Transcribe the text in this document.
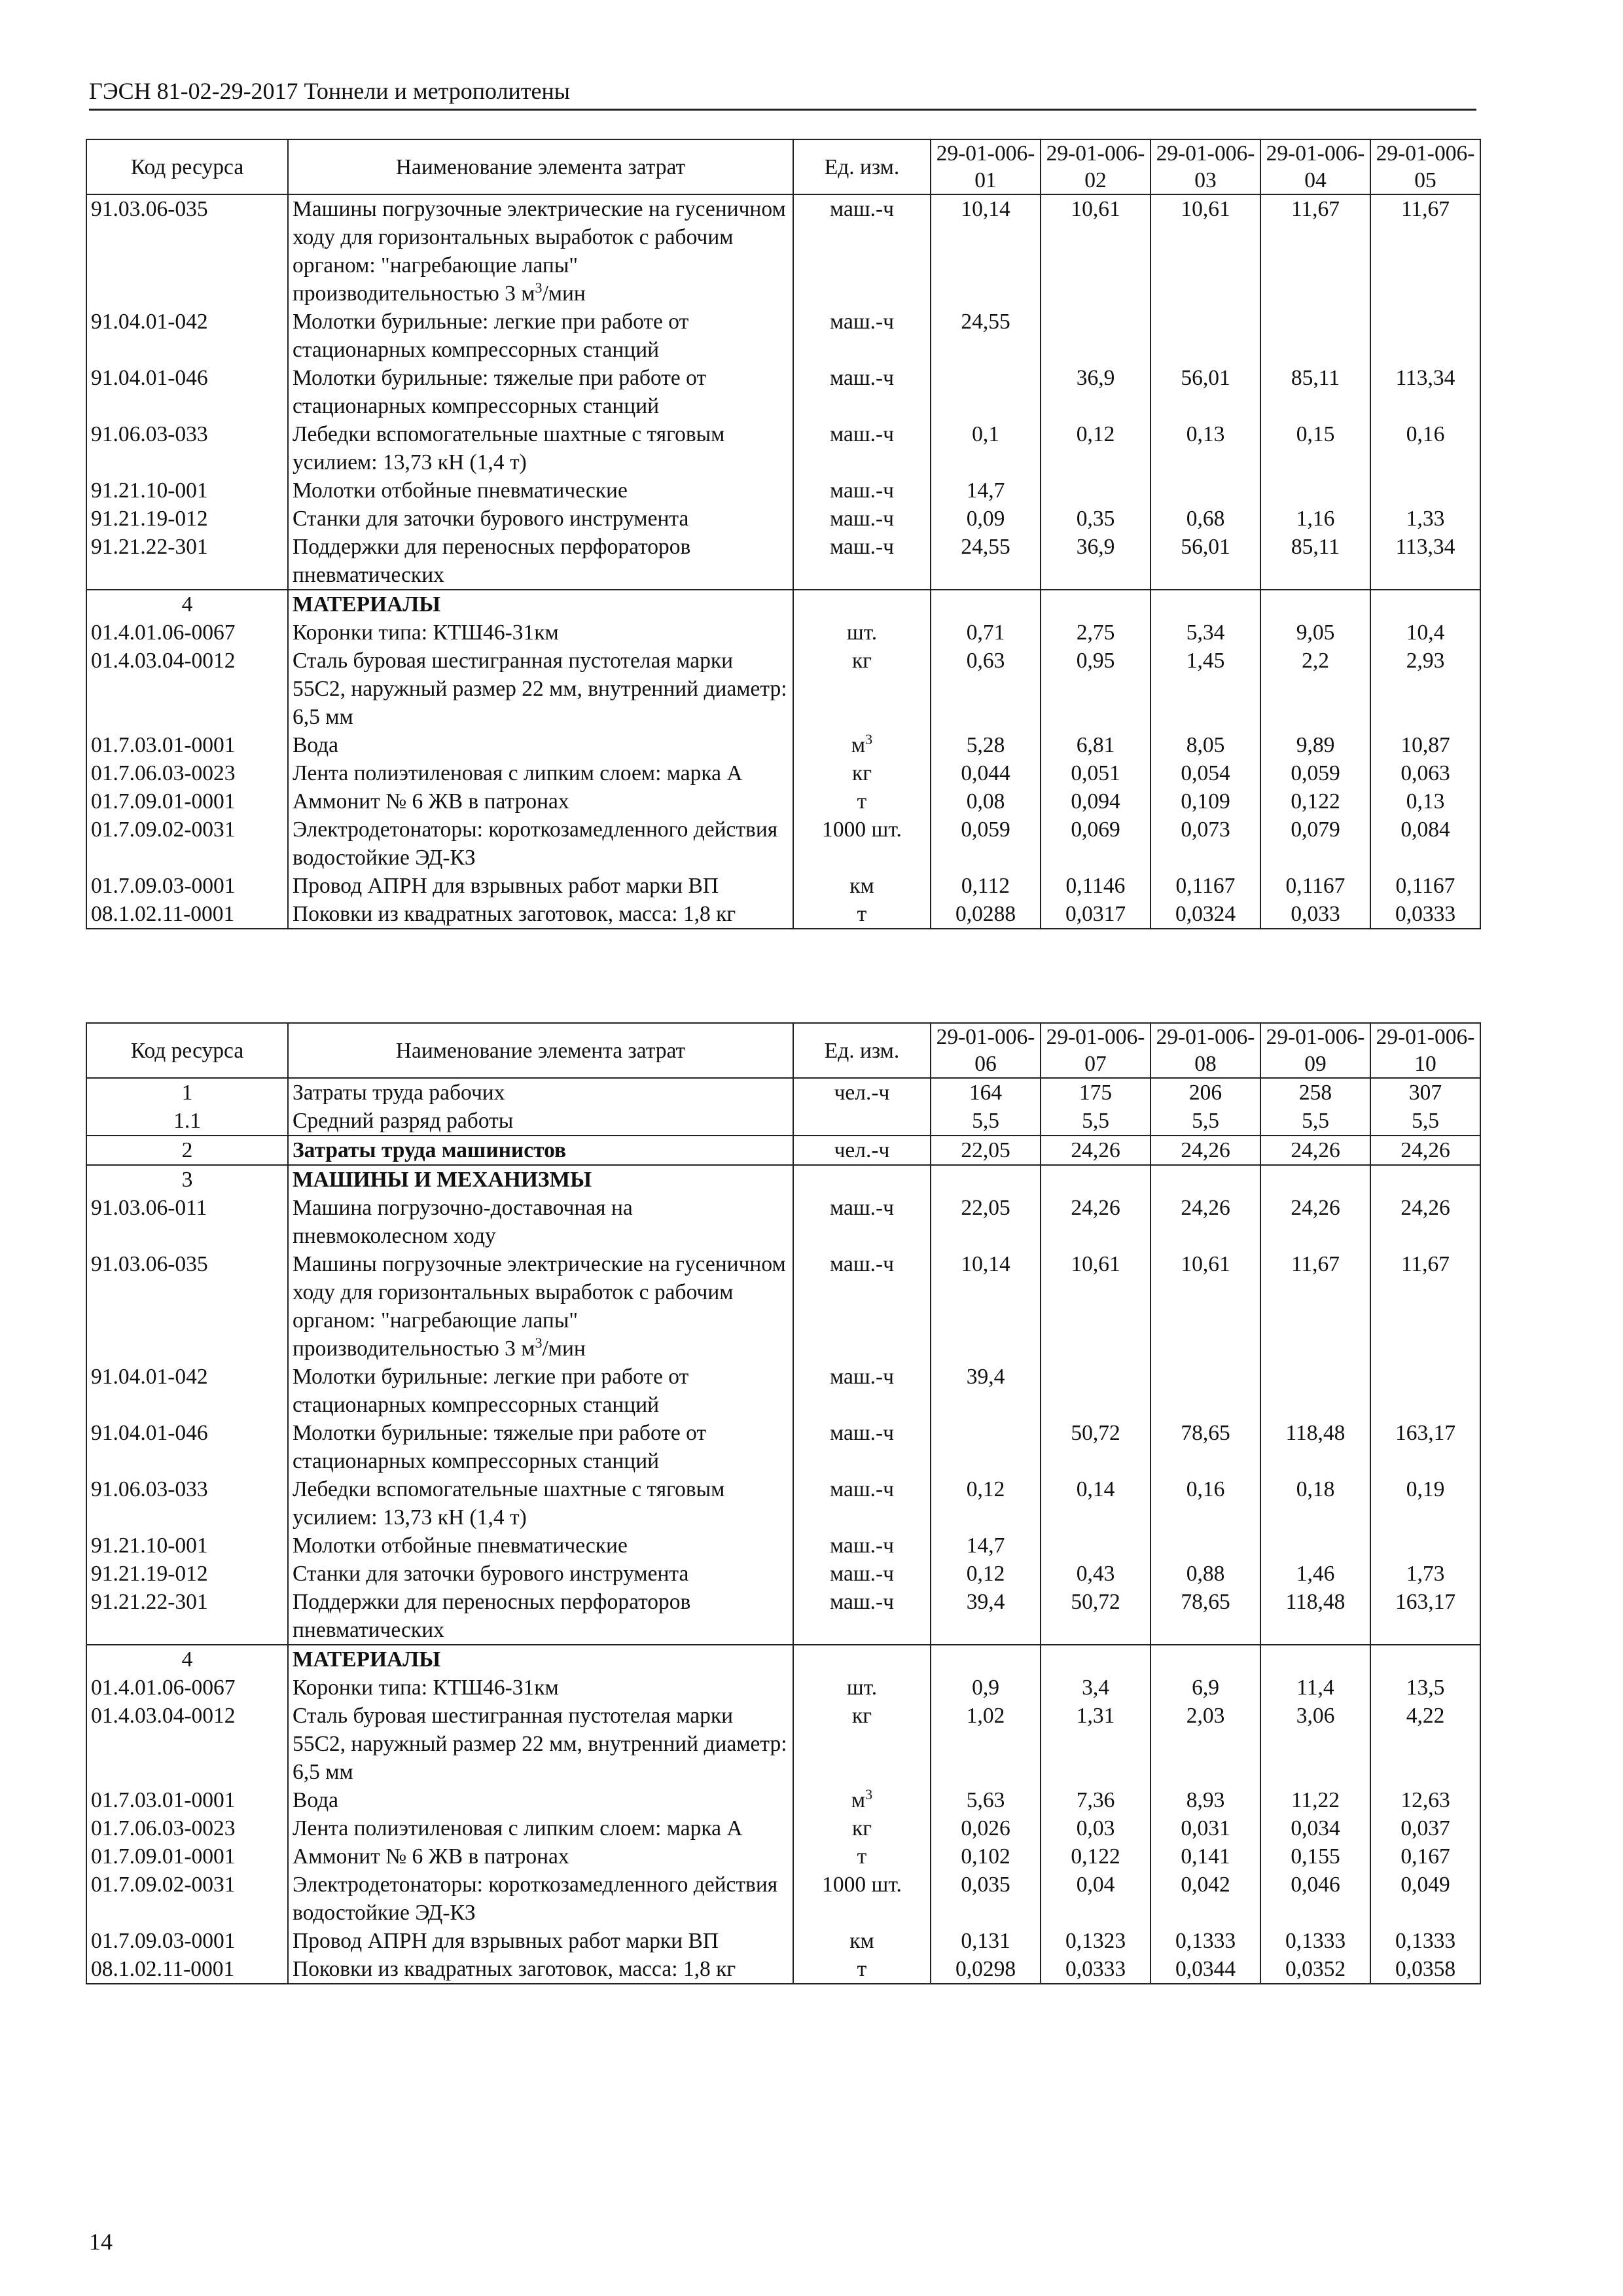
ГЭСН 81-02-29-2017 Тоннели и метрополитены
Код ресурса	Наименование элемента затрат	Ед. изм.	29-01-006-01	29-01-006-02	29-01-006-03	29-01-006-04	29-01-006-05
91.03.06-035	Машины погрузочные электрические на гусеничном ходу для горизонтальных выработок с рабочим органом: "нагребающие лапы" производительностью 3 $м^3$/мин	маш.-ч	10,14	10,61	10,61	11,67	11,67
91.04.01-042	Молотки бурильные: легкие при работе от стационарных компрессорных станций	маш.-ч	24,55				
91.04.01-046	Молотки бурильные: тяжелые при работе от стационарных компрессорных станций	маш.-ч		36,9	56,01	85,11	113,34
91.06.03-033	Лебедки вспомогательные шахтные с тяговым усилием: 13,73 кН (1,4 т)	маш.-ч	0,1	0,12	0,13	0,15	0,16
91.21.10-001	Молотки отбойные пневматические	маш.-ч	14,7				
91.21.19-012	Станки для заточки бурового инструмента	маш.-ч	0,09	0,35	0,68	1,16	1,33
91.21.22-301	Поддержки для переносных перфораторов пневматических	маш.-ч	24,55	36,9	56,01	85,11	113,34
4	МАТЕРИАЛЫ						
01.4.01.06-0067	Коронки типа: КТШ46-31км	шт.	0,71	2,75	5,34	9,05	10,4
01.4.03.04-0012	Сталь буровая шестигранная пустотелая марки 55С2, наружный размер 22 мм, внутренний диаметр: 6,5 мм	кг	0,63	0,95	1,45	2,2	2,93
01.7.03.01-0001	Вода	$м^3$	5,28	6,81	8,05	9,89	10,87
01.7.06.03-0023	Лента полиэтиленовая с липким слоем: марка А	кг	0,044	0,051	0,054	0,059	0,063
01.7.09.01-0001	Аммонит № 6 ЖВ в патронах	т	0,08	0,094	0,109	0,122	0,13
01.7.09.02-0031	Электродетонаторы: короткозамедленного действия водостойкие ЭД-КЗ	1000 шт.	0,059	0,069	0,073	0,079	0,084
01.7.09.03-0001	Провод АПРН для взрывных работ марки ВП	км	0,112	0,1146	0,1167	0,1167	0,1167
08.1.02.11-0001	Поковки из квадратных заготовок, масса: 1,8 кг	т	0,0288	0,0317	0,0324	0,033	0,0333
Код ресурса	Наименование элемента затрат	Ед. изм.	29-01-006-06	29-01-006-07	29-01-006-08	29-01-006-09	29-01-006-10
1	Затраты труда рабочих	чел.-ч	164	175	206	258	307
1.1	Средний разряд работы		5,5	5,5	5,5	5,5	5,5
2	Затраты труда машинистов	чел.-ч	22,05	24,26	24,26	24,26	24,26
3	МАШИНЫ И МЕХАНИЗМЫ						
91.03.06-011	Машина погрузочно-доставочная на пневмоколесном ходу	маш.-ч	22,05	24,26	24,26	24,26	24,26
91.03.06-035	Машины погрузочные электрические на гусеничном ходу для горизонтальных выработок с рабочим органом: "нагребающие лапы" производительностью 3 $м^3$/мин	маш.-ч	10,14	10,61	10,61	11,67	11,67
91.04.01-042	Молотки бурильные: легкие при работе от стационарных компрессорных станций	маш.-ч	39,4				
91.04.01-046	Молотки бурильные: тяжелые при работе от стационарных компрессорных станций	маш.-ч		50,72	78,65	118,48	163,17
91.06.03-033	Лебедки вспомогательные шахтные с тяговым усилием: 13,73 кН (1,4 т)	маш.-ч	0,12	0,14	0,16	0,18	0,19
91.21.10-001	Молотки отбойные пневматические	маш.-ч	14,7				
91.21.19-012	Станки для заточки бурового инструмента	маш.-ч	0,12	0,43	0,88	1,46	1,73
91.21.22-301	Поддержки для переносных перфораторов пневматических	маш.-ч	39,4	50,72	78,65	118,48	163,17
4	МАТЕРИАЛЫ						
01.4.01.06-0067	Коронки типа: КТШ46-31км	шт.	0,9	3,4	6,9	11,4	13,5
01.4.03.04-0012	Сталь буровая шестигранная пустотелая марки 55С2, наружный размер 22 мм, внутренний диаметр: 6,5 мм	кг	1,02	1,31	2,03	3,06	4,22
01.7.03.01-0001	Вода	$м^3$	5,63	7,36	8,93	11,22	12,63
01.7.06.03-0023	Лента полиэтиленовая с липким слоем: марка А	кг	0,026	0,03	0,031	0,034	0,037
01.7.09.01-0001	Аммонит № 6 ЖВ в патронах	т	0,102	0,122	0,141	0,155	0,167
01.7.09.02-0031	Электродетонаторы: короткозамедленного действия водостойкие ЭД-КЗ	1000 шт.	0,035	0,04	0,042	0,046	0,049
01.7.09.03-0001	Провод АПРН для взрывных работ марки ВП	км	0,131	0,1323	0,1333	0,1333	0,1333
08.1.02.11-0001	Поковки из квадратных заготовок, масса: 1,8 кг	т	0,0298	0,0333	0,0344	0,0352	0,0358
14
